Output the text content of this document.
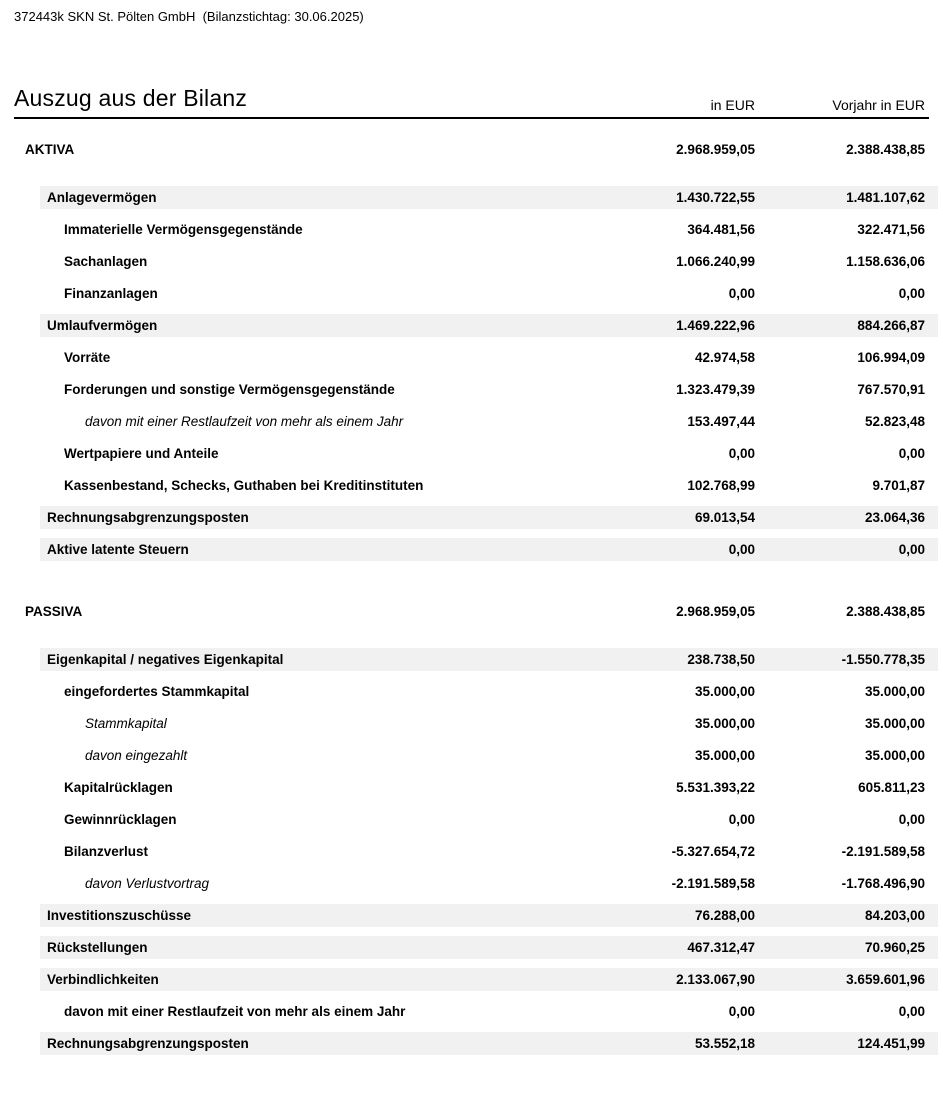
372443k SKN St. Pölten GmbH  (Bilanzstichtag: 30.06.2025)
Auszug aus der Bilanz	in EUR	Vorjahr in EUR
AKTIVA	2.968.959,05	2.388.438,85
Anlagevermögen	1.430.722,55	1.481.107,62
Immaterielle Vermögensgegenstände	364.481,56	322.471,56
Sachanlagen	1.066.240,99	1.158.636,06
Finanzanlagen	0,00	0,00
Umlaufvermögen	1.469.222,96	884.266,87
Vorräte	42.974,58	106.994,09
Forderungen und sonstige Vermögensgegenstände	1.323.479,39	767.570,91
davon mit einer Restlaufzeit von mehr als einem Jahr	153.497,44	52.823,48
Wertpapiere und Anteile	0,00	0,00
Kassenbestand, Schecks, Guthaben bei Kreditinstituten	102.768,99	9.701,87
Rechnungsabgrenzungsposten	69.013,54	23.064,36
Aktive latente Steuern	0,00	0,00
PASSIVA	2.968.959,05	2.388.438,85
Eigenkapital / negatives Eigenkapital	238.738,50	-1.550.778,35
eingefordertes Stammkapital	35.000,00	35.000,00
Stammkapital	35.000,00	35.000,00
davon eingezahlt	35.000,00	35.000,00
Kapitalrücklagen	5.531.393,22	605.811,23
Gewinnrücklagen	0,00	0,00
Bilanzverlust	-5.327.654,72	-2.191.589,58
davon Verlustvortrag	-2.191.589,58	-1.768.496,90
Investitionszuschüsse	76.288,00	84.203,00
Rückstellungen	467.312,47	70.960,25
Verbindlichkeiten	2.133.067,90	3.659.601,96
davon mit einer Restlaufzeit von mehr als einem Jahr	0,00	0,00
Rechnungsabgrenzungsposten	53.552,18	124.451,99
